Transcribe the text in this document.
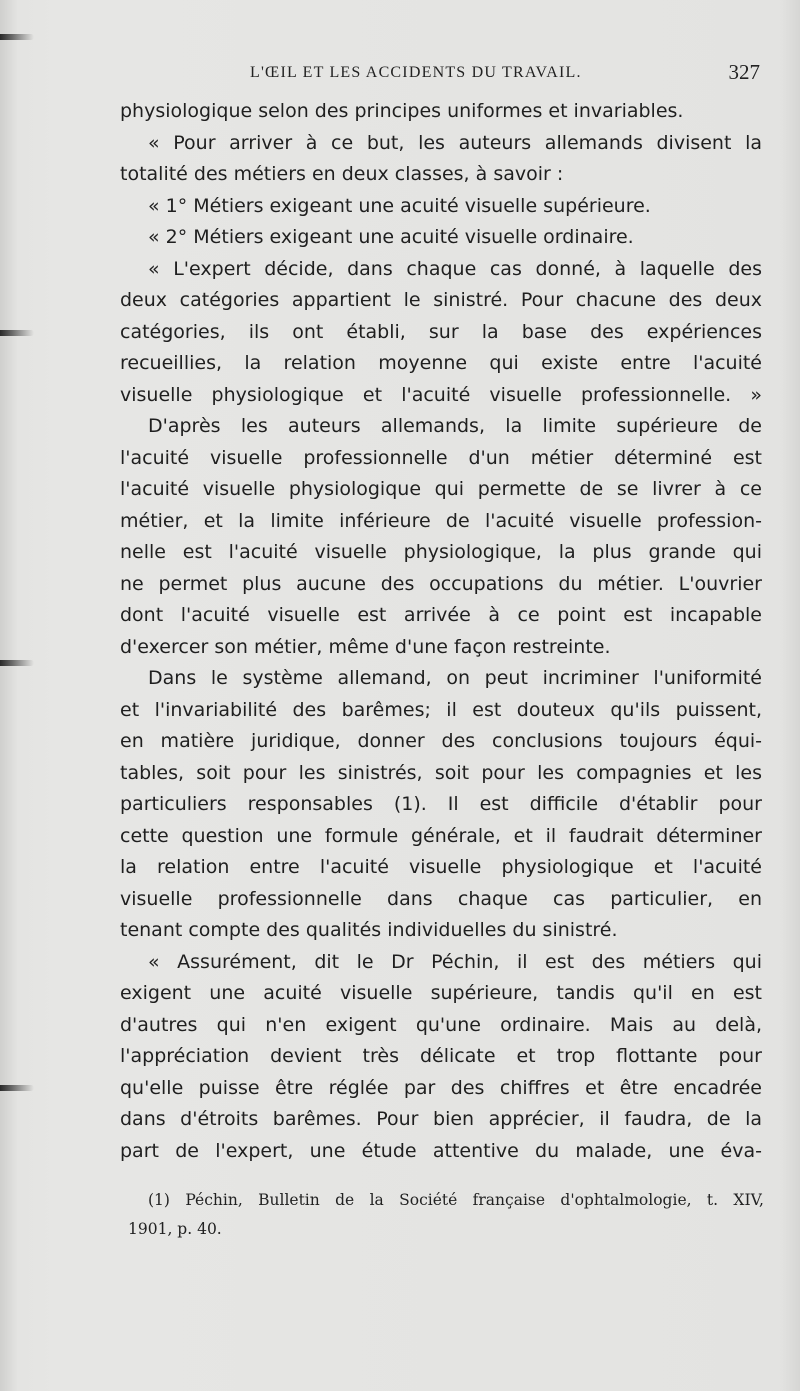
L'ŒIL ET LES ACCIDENTS DU TRAVAIL.	327
physiologique selon des principes uniformes et invariables.
« Pour arriver à ce but, les auteurs allemands divisent la
totalité des métiers en deux classes, à savoir :
« 1° Métiers exigeant une acuité visuelle supérieure.
« 2° Métiers exigeant une acuité visuelle ordinaire.
« L'expert décide, dans chaque cas donné, à laquelle des
deux catégories appartient le sinistré. Pour chacune des deux
catégories, ils ont établi, sur la base des expériences
recueillies, la relation moyenne qui existe entre l'acuité
visuelle physiologique et l'acuité visuelle professionnelle. »
D'après les auteurs allemands, la limite supérieure de
l'acuité visuelle professionnelle d'un métier déterminé est
l'acuité visuelle physiologique qui permette de se livrer à ce
métier, et la limite inférieure de l'acuité visuelle profession-
nelle est l'acuité visuelle physiologique, la plus grande qui
ne permet plus aucune des occupations du métier. L'ouvrier
dont l'acuité visuelle est arrivée à ce point est incapable
d'exercer son métier, même d'une façon restreinte.
Dans le système allemand, on peut incriminer l'uniformité
et l'invariabilité des barêmes; il est douteux qu'ils puissent,
en matière juridique, donner des conclusions toujours équi-
tables, soit pour les sinistrés, soit pour les compagnies et les
particuliers responsables (1). Il est difficile d'établir pour
cette question une formule générale, et il faudrait déterminer
la relation entre l'acuité visuelle physiologique et l'acuité
visuelle professionnelle dans chaque cas particulier, en
tenant compte des qualités individuelles du sinistré.
« Assurément, dit le Dr Péchin, il est des métiers qui
exigent une acuité visuelle supérieure, tandis qu'il en est
d'autres qui n'en exigent qu'une ordinaire. Mais au delà,
l'appréciation devient très délicate et trop flottante pour
qu'elle puisse être réglée par des chiffres et être encadrée
dans d'étroits barêmes. Pour bien apprécier, il faudra, de la
part de l'expert, une étude attentive du malade, une éva-
(1) Péchin, Bulletin de la Société française d'ophtalmologie, t. XIV,
1901, p. 40.
